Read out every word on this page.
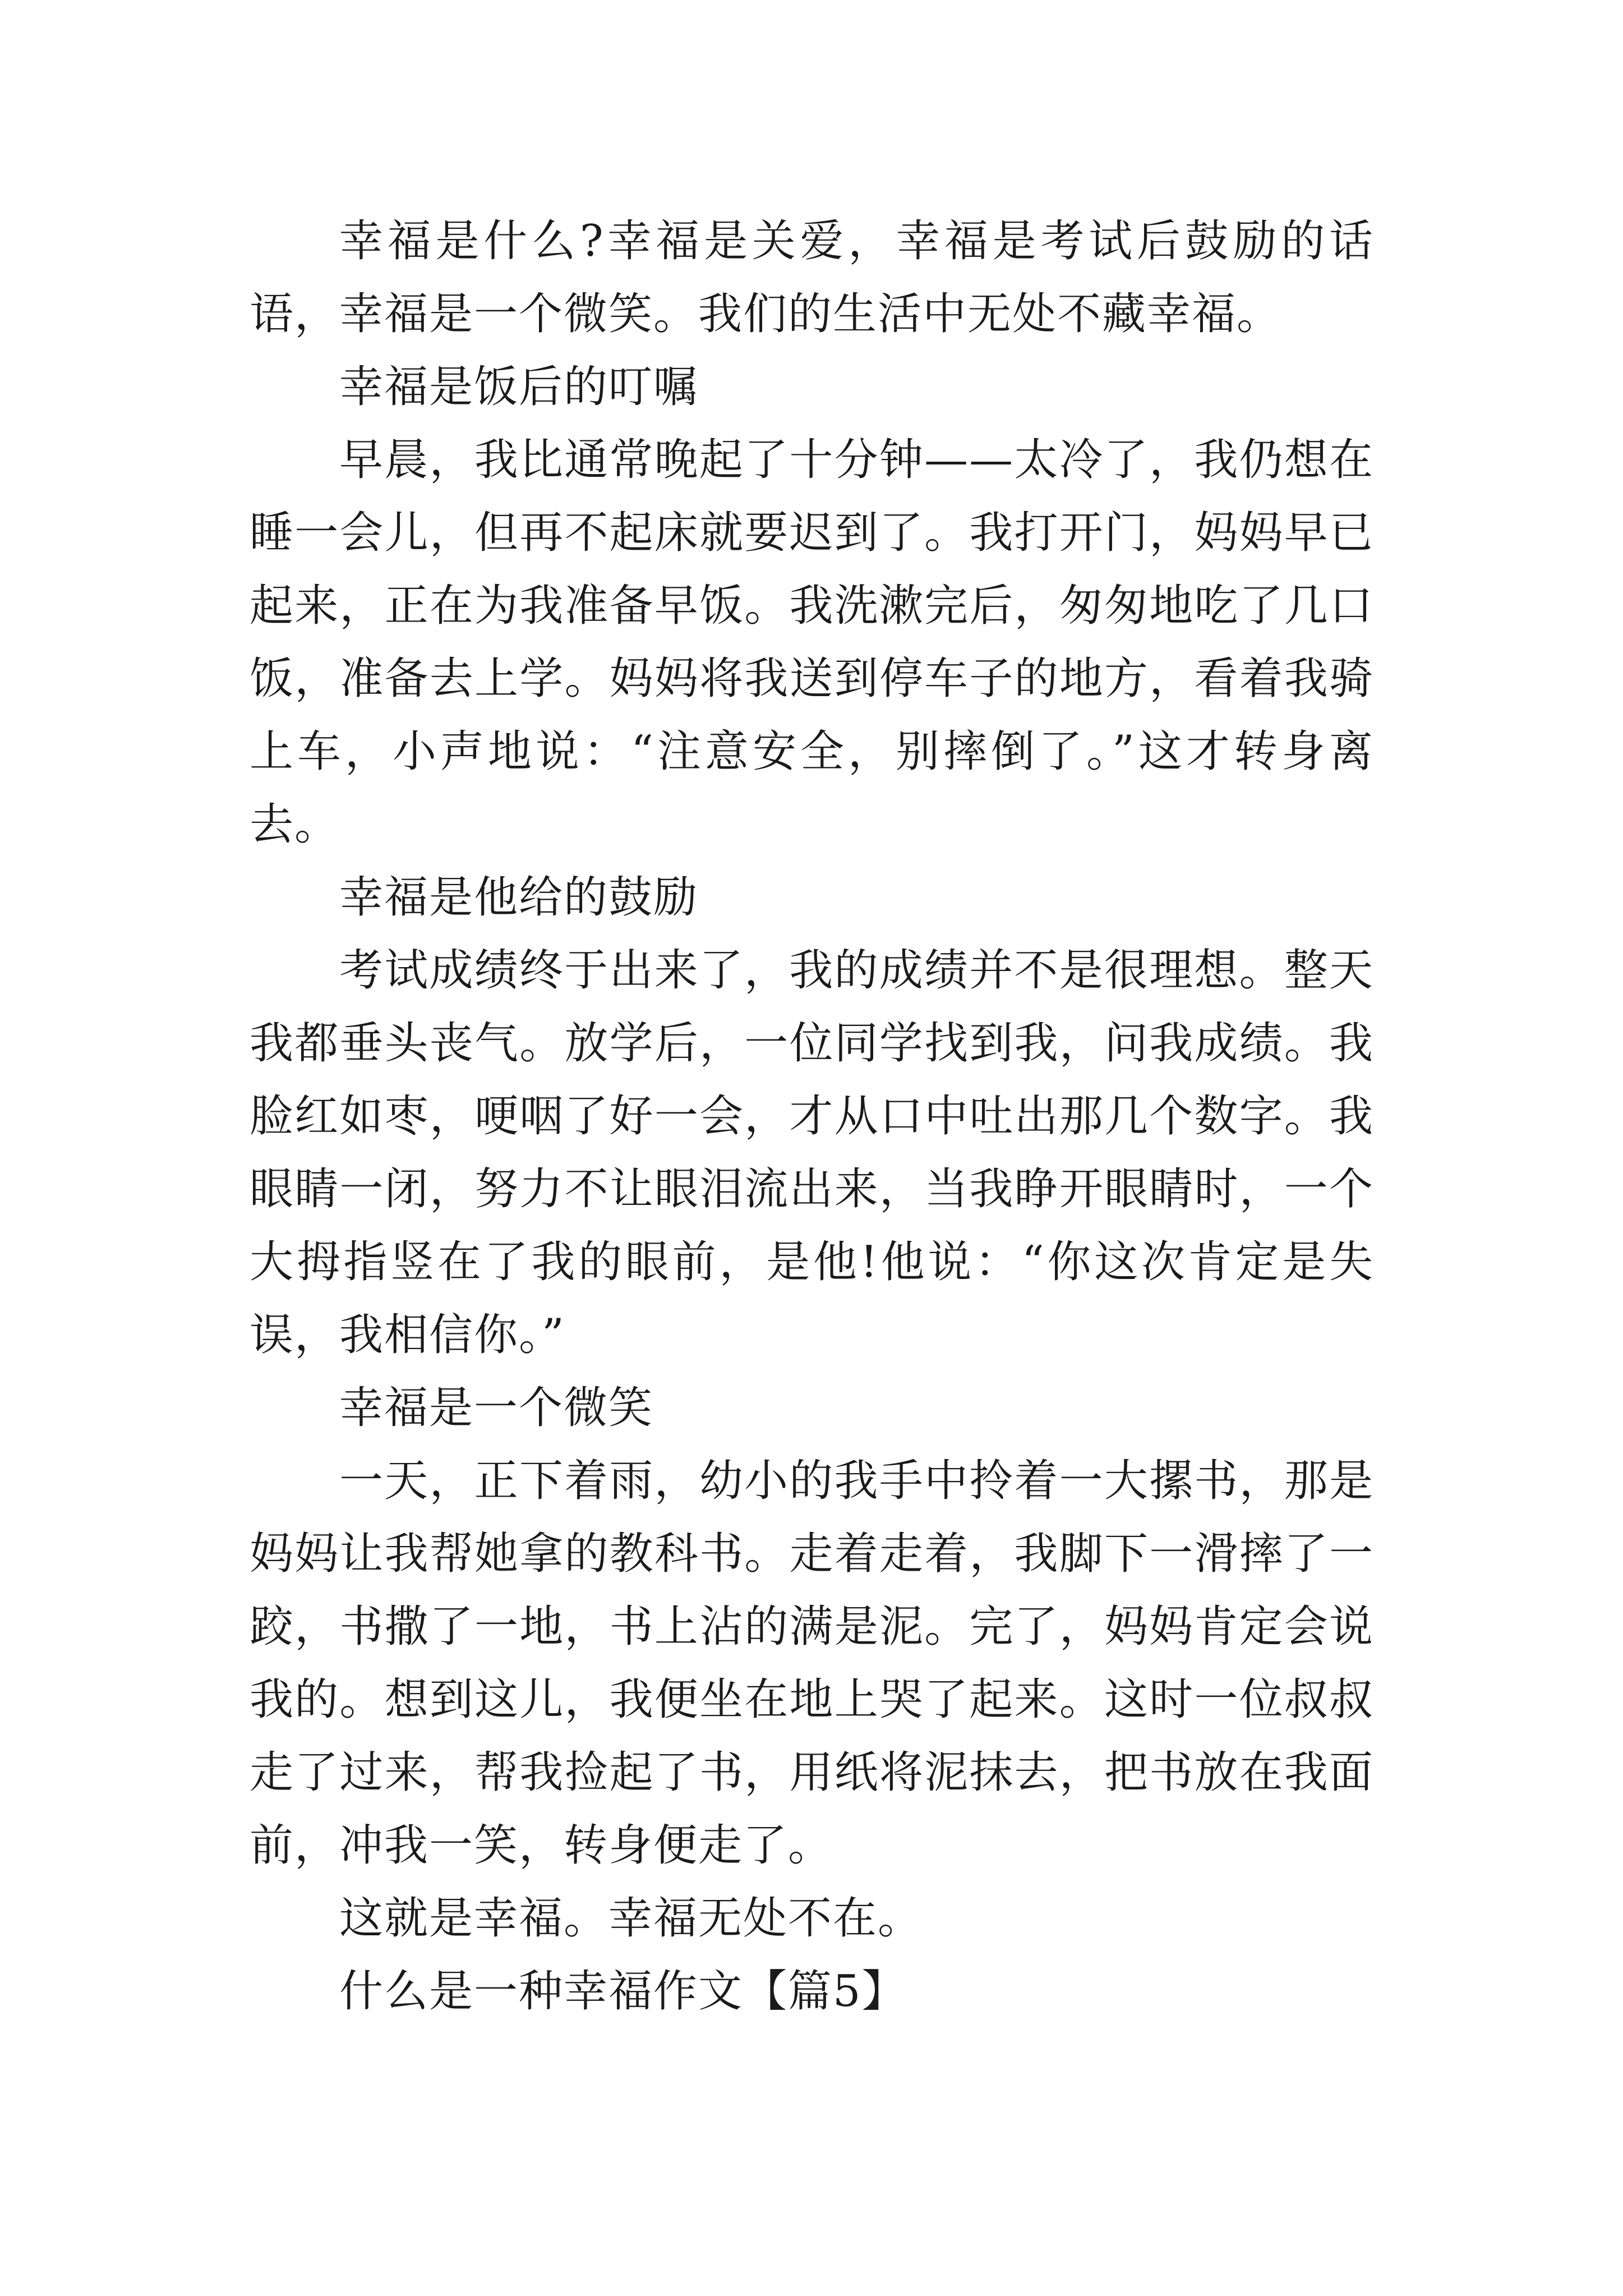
幸福是什么?幸福是关爱，幸福是考试后鼓励的话语，幸福是一个微笑。我们的生活中无处不藏幸福。

幸福是饭后的叮嘱

早晨，我比通常晚起了十分钟——太冷了，我仍想在睡一会儿，但再不起床就要迟到了。我打开门，妈妈早已起来，正在为我准备早饭。我洗漱完后，匆匆地吃了几口饭，准备去上学。妈妈将我送到停车子的地方，看着我骑上车，小声地说：“注意安全，别摔倒了。”这才转身离去。

幸福是他给的鼓励

考试成绩终于出来了，我的成绩并不是很理想。整天我都垂头丧气。放学后，一位同学找到我，问我成绩。我脸红如枣，哽咽了好一会，才从口中吐出那几个数字。我眼睛一闭，努力不让眼泪流出来，当我睁开眼睛时，一个大拇指竖在了我的眼前，是他!他说：“你这次肯定是失误，我相信你。”

幸福是一个微笑

一天，正下着雨，幼小的我手中拎着一大摞书，那是妈妈让我帮她拿的教科书。走着走着，我脚下一滑摔了一跤，书撒了一地，书上沾的满是泥。完了，妈妈肯定会说我的。想到这儿，我便坐在地上哭了起来。这时一位叔叔走了过来，帮我捡起了书，用纸将泥抹去，把书放在我面前，冲我一笑，转身便走了。

这就是幸福。幸福无处不在。

什么是一种幸福作文【篇5】
